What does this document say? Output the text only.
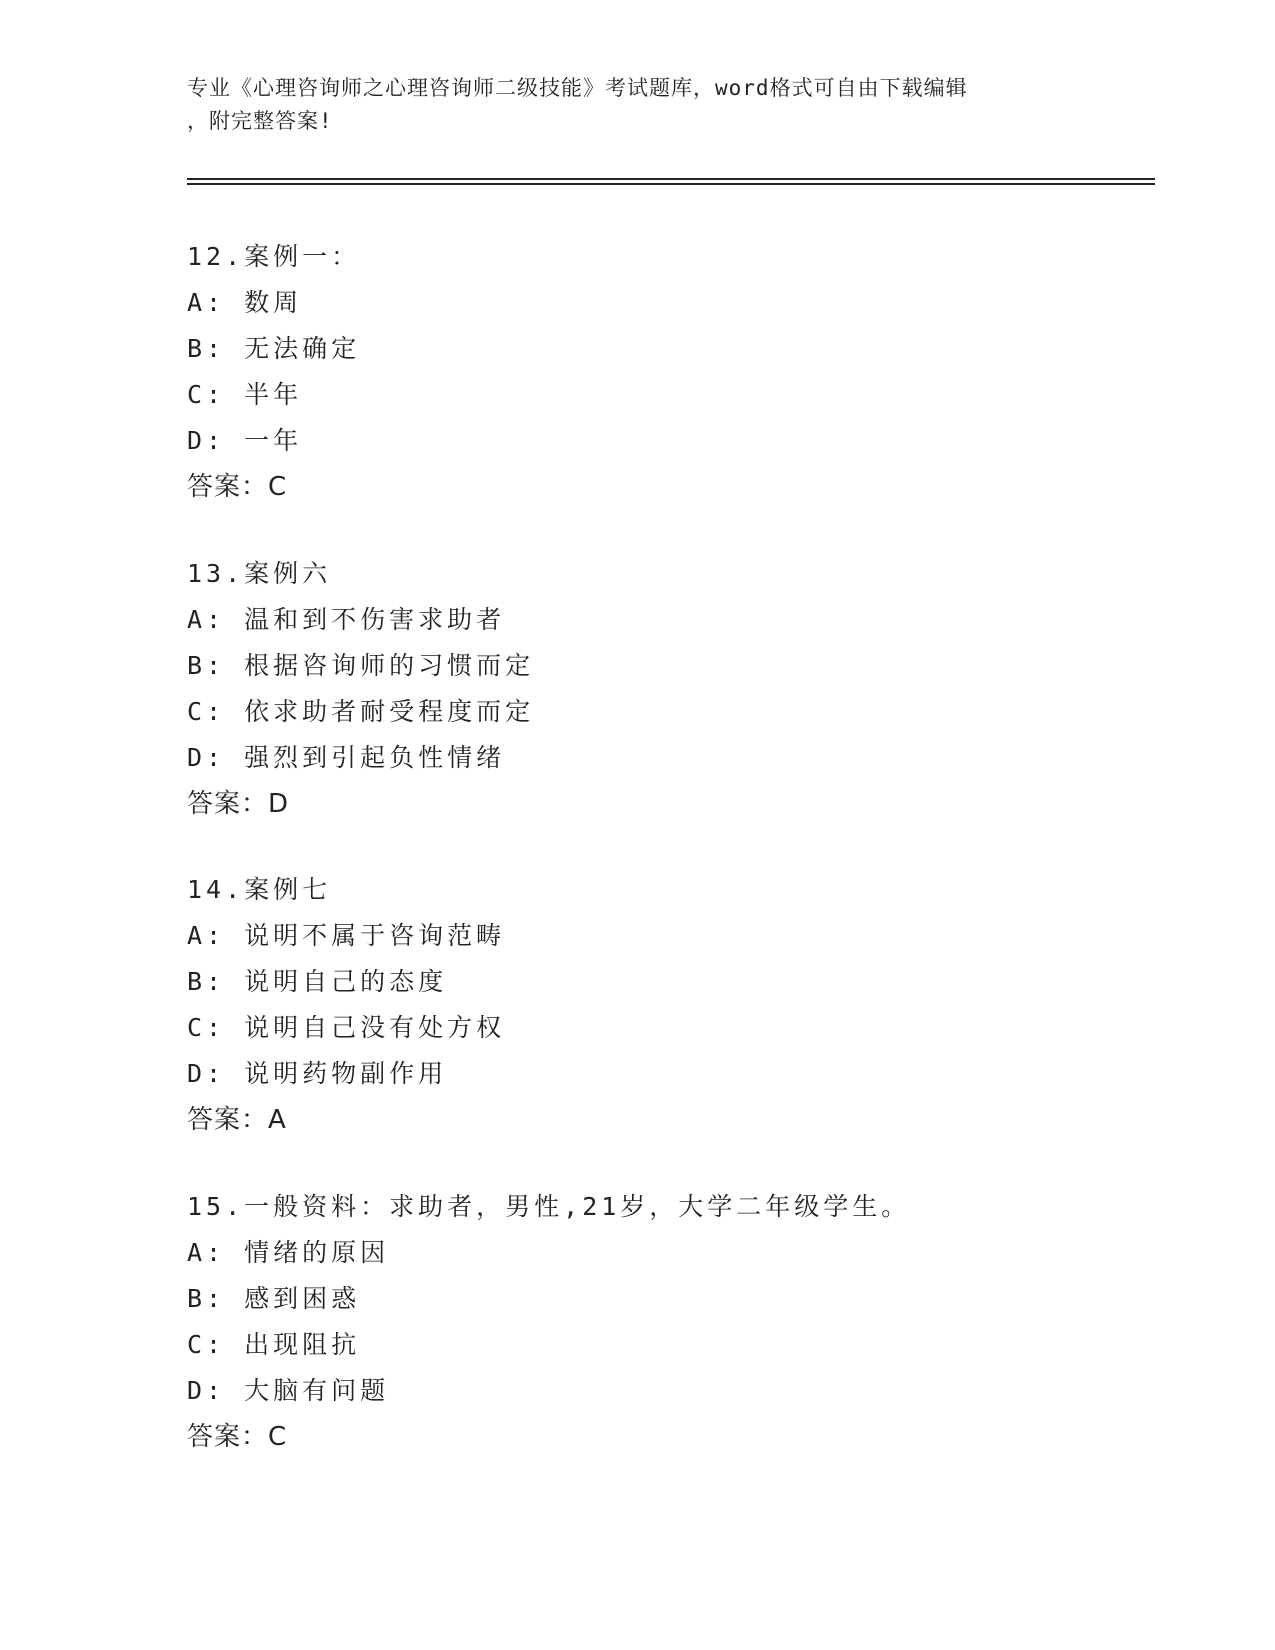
专业《心理咨询师之心理咨询师二级技能》考试题库，word格式可自由下载编辑
，附完整答案!
12.案例一：
A: 数周
B: 无法确定
C: 半年
D: 一年
答案：C
13.案例六
A: 温和到不伤害求助者
B: 根据咨询师的习惯而定
C: 依求助者耐受程度而定
D: 强烈到引起负性情绪
答案：D
14.案例七
A: 说明不属于咨询范畴
B: 说明自己的态度
C: 说明自己没有处方权
D: 说明药物副作用
答案：A
15.一般资料：求助者，男性,21岁，大学二年级学生。
A: 情绪的原因
B: 感到困惑
C: 出现阻抗
D: 大脑有问题
答案：C
